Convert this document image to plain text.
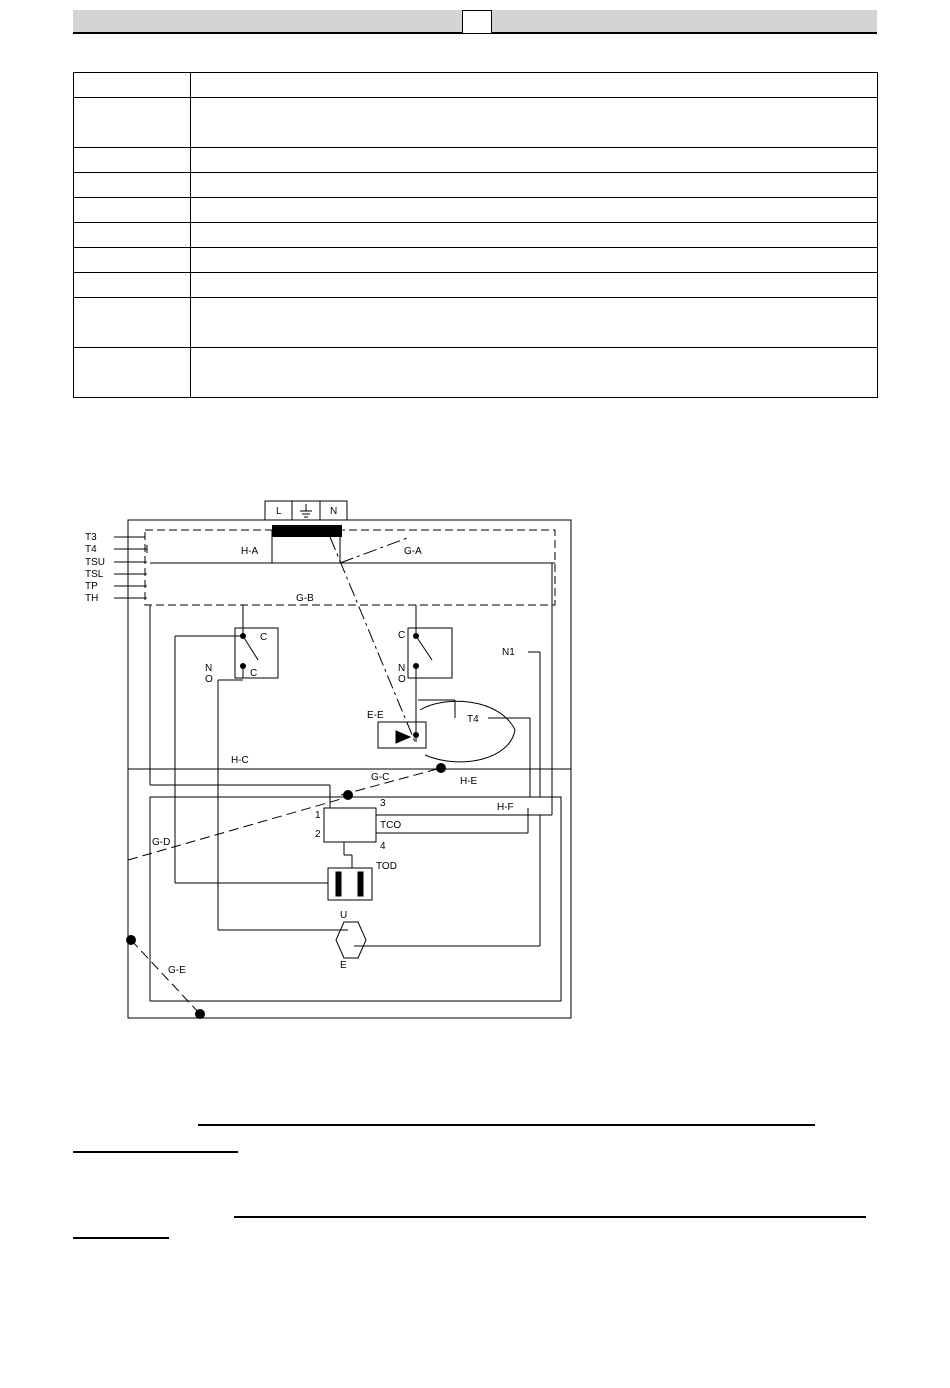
L	N
T3
T4
TSU
TSL
TP
TH
H-A	G-A
G-B
E-E
H-C
G-C	H-E
H-F
G-D
G-E
N1
T4
TCO
TOD
U
E
C
N
O
C
C
N
O
1
2
3
4
